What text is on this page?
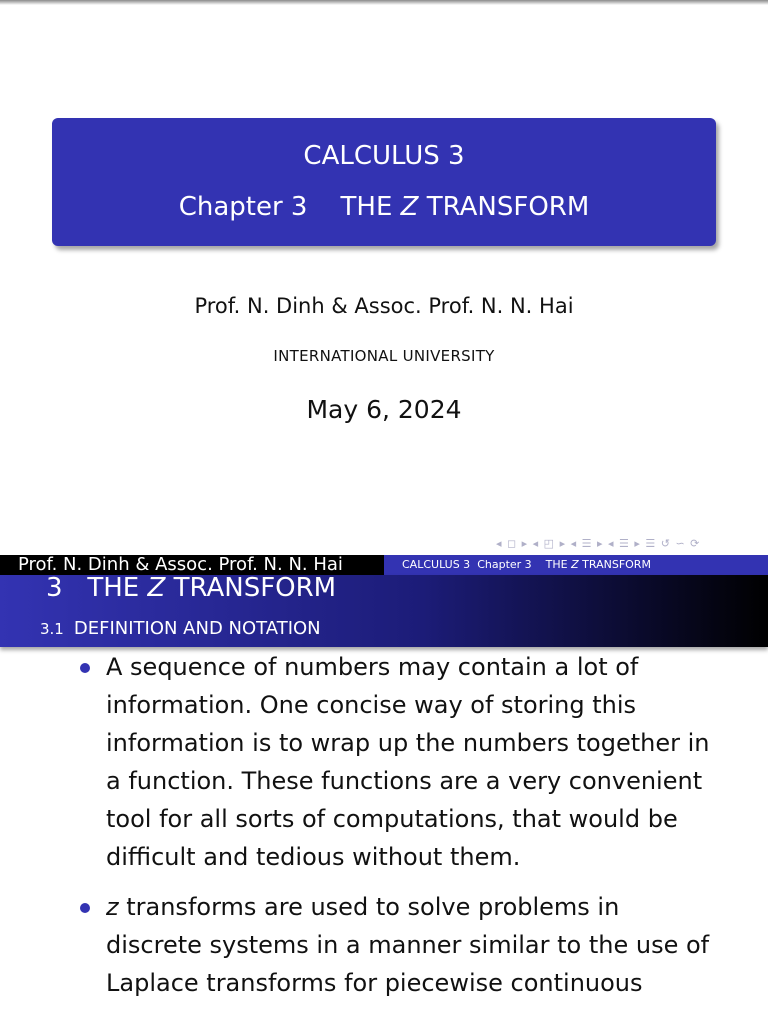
CALCULUS 3
Chapter 3 THE Z TRANSFORM
Prof. N. Dinh & Assoc. Prof. N. N. Hai
INTERNATIONAL UNIVERSITY
May 6, 2024
◂ ◻ ▸ ◂ ◰ ▸ ◂ ☰ ▸ ◂ ☰ ▸ ☰ ↺ ∽ ⟳
Prof. N. Dinh & Assoc. Prof. N. N. Hai	CALCULUS 3 Chapter 3 THE Z TRANSFORM
3 THE Z TRANSFORM
3.1 DEFINITION AND NOTATION
A sequence of numbers may contain a lot of information. One concise way of storing this information is to wrap up the numbers together in a function. These functions are a very convenient tool for all sorts of computations, that would be difficult and tedious without them.
z transforms are used to solve problems in discrete systems in a manner similar to the use of Laplace transforms for piecewise continuous
